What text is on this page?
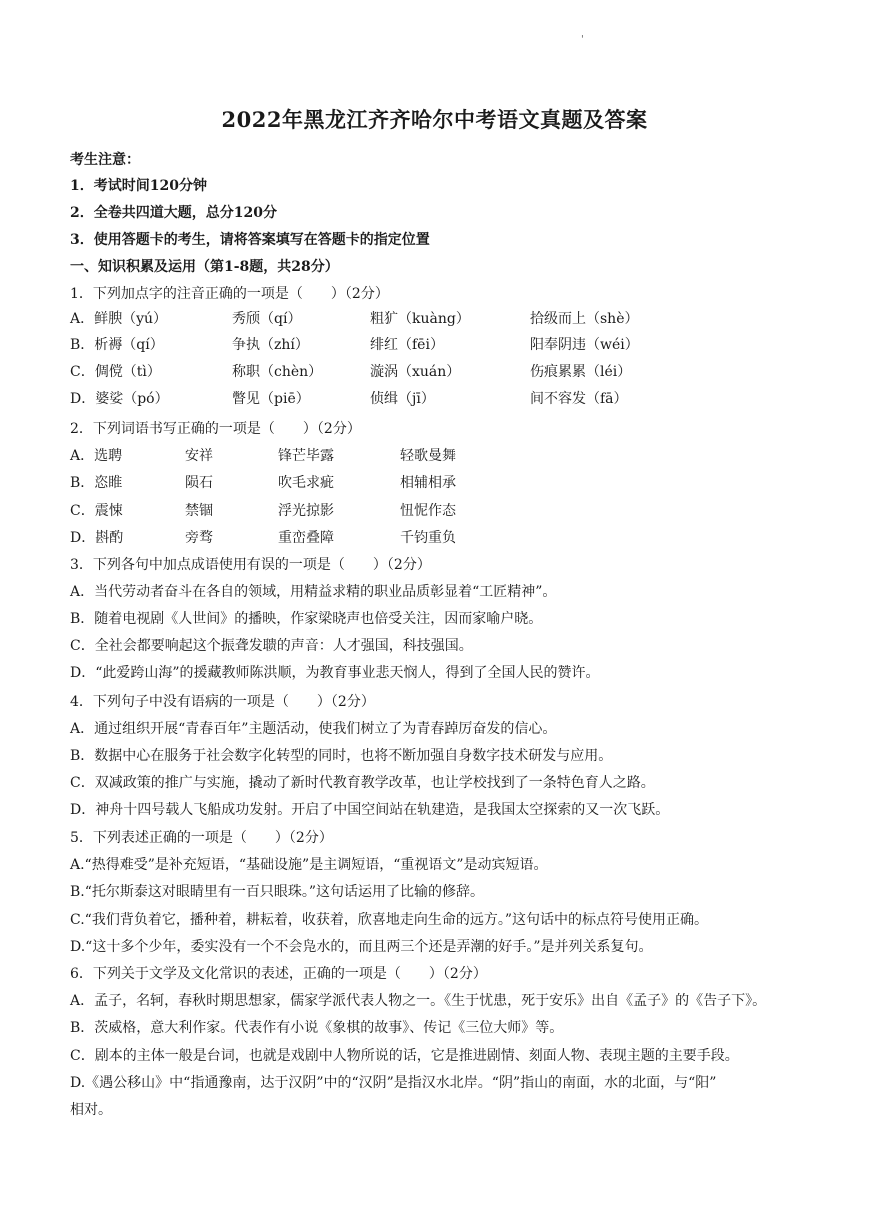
'
2022年黑龙江齐齐哈尔中考语文真题及答案
考生注意：
1．考试时间120分钟
2．全卷共四道大题，总分120分
3．使用答题卡的考生，请将答案填写在答题卡的指定位置
一、知识积累及运用（第1-8题，共28分）
1．下列加点字的注音正确的一项是（　　）（2分）
A．鲜腴（yú）	秀颀（qí）	粗犷（kuàng）	拾级而上（shè）
B．析褥（qí）	争执（zhí）	绯红（fēi）	阳奉阴违（wéi）
C．倜傥（tì）	称职（chèn）	漩涡（xuán）	伤痕累累（léi）
D．婆娑（pó）	瞥见（piē）	侦缉（jī）	间不容发（fā）
2．下列词语书写正确的一项是（　　）（2分）
A．选聘	安祥	锋芒毕露	轻歌曼舞
B．恣睢	陨石	吹毛求疵	相辅相承
C．震悚	禁锢	浮光掠影	忸怩作态
D．斟酌	旁骛	重峦叠障	千钧重负
3．下列各句中加点成语使用有误的一项是（　　）（2分）
A．当代劳动者奋斗在各自的领域，用精益求精的职业品质彰显着“工匠精神”。
B．随着电视剧《人世间》的播映，作家梁晓声也倍受关注，因而家喻户晓。
C．全社会都要响起这个振聋发聩的声音：人才强国，科技强国。
D．“此爱跨山海”的援藏教师陈洪顺，为教育事业悲天悯人，得到了全国人民的赞许。
4．下列句子中没有语病的一项是（　　）（2分）
A．通过组织开展“青春百年”主题活动，使我们树立了为青春踔厉奋发的信心。
B．数据中心在服务于社会数字化转型的同时，也将不断加强自身数字技术研发与应用。
C．双减政策的推广与实施，撬动了新时代教育教学改革，也让学校找到了一条特色育人之路。
D．神舟十四号载人飞船成功发射。开启了中国空间站在轨建造，是我国太空探索的又一次飞跃。
5．下列表述正确的一项是（　　）（2分）
A.“热得难受”是补充短语，“基础设施”是主调短语，“重视语文”是动宾短语。
B.“托尔斯泰这对眼睛里有一百只眼珠。”这句话运用了比输的修辞。
C.“我们背负着它，播种着，耕耘着，收获着，欣喜地走向生命的远方。”这句话中的标点符号使用正确。
D.“这十多个少年，委实没有一个不会凫水的，而且两三个还是弄潮的好手。”是并列关系复句。
6．下列关于文学及文化常识的表述，正确的一项是（　　）（2分）
A．孟子，名轲，春秋时期思想家，儒家学派代表人物之一。《生于忧患，死于安乐》出自《孟子》的《告子下》。
B．茨威格，意大利作家。代表作有小说《象棋的故事》、传记《三位大师》等。
C．剧本的主体一般是台词，也就是戏剧中人物所说的话，它是推进剧情、刻面人物、表现主题的主要手段。
D.《遇公移山》中“指通豫南，达于汉阴”中的“汉阴”是指汉水北岸。“阴”指山的南面，水的北面，与“阳”
相对。
